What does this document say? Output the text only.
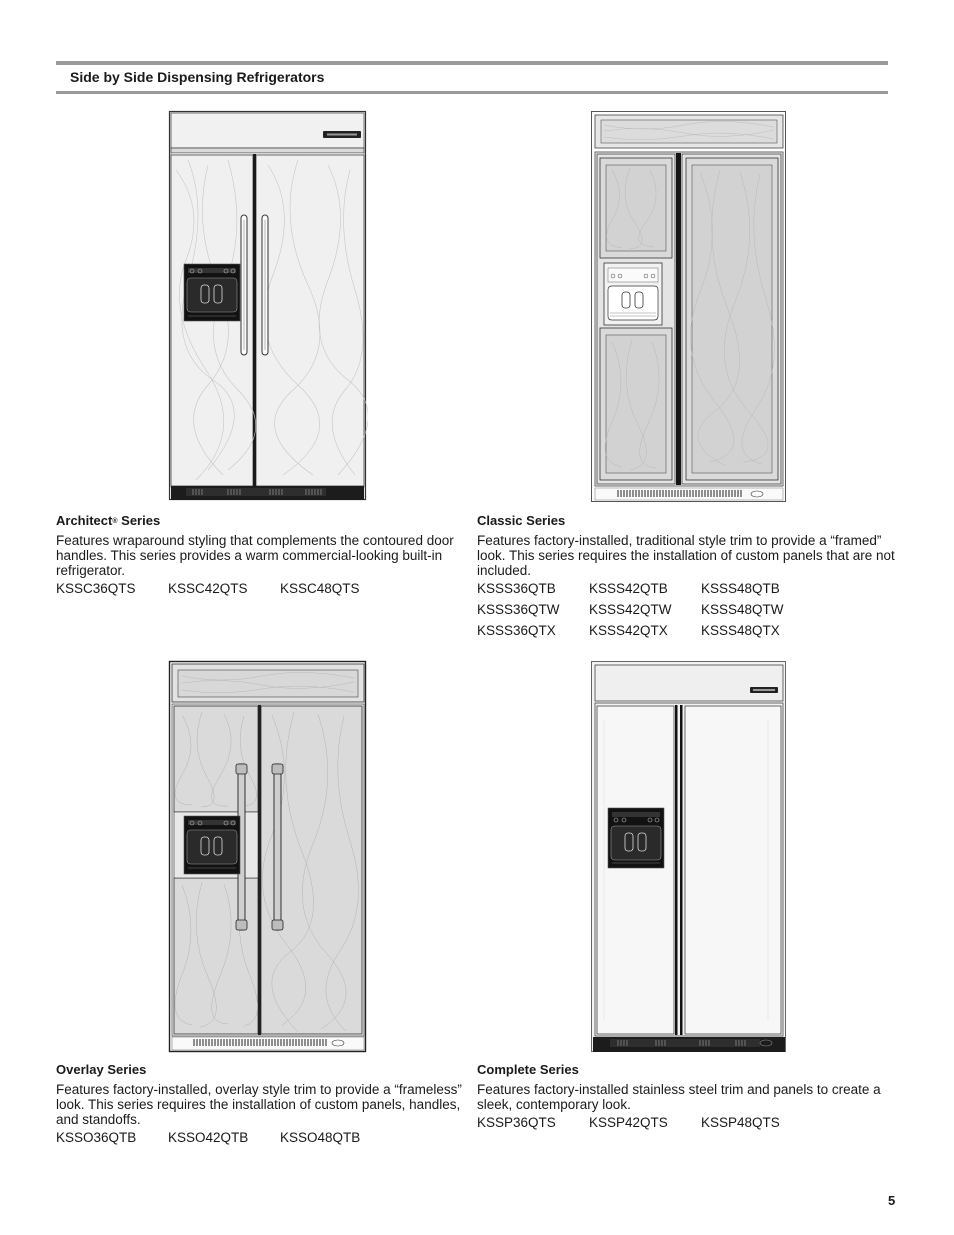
Side by Side Dispensing Refrigerators
Architect® Series

Features wraparound styling that complements the contoured door handles. This series provides a warm commercial-looking built-in refrigerator.

KSSC36QTS	KSSC42QTS	KSSC48QTS
Classic Series

Features factory-installed, traditional style trim to provide a “framed” look. This series requires the installation of custom panels that are not included.

KSSS36QTB	KSSS42QTB	KSSS48QTB
KSSS36QTW	KSSS42QTW	KSSS48QTW
KSSS36QTX	KSSS42QTX	KSSS48QTX
Overlay Series

Features factory-installed, overlay style trim to provide a “frameless” look. This series requires the installation of custom panels, handles, and standoffs.

KSSO36QTB	KSSO42QTB	KSSO48QTB
Complete Series

Features factory-installed stainless steel trim and panels to create a sleek, contemporary look.

KSSP36QTS	KSSP42QTS	KSSP48QTS
5
